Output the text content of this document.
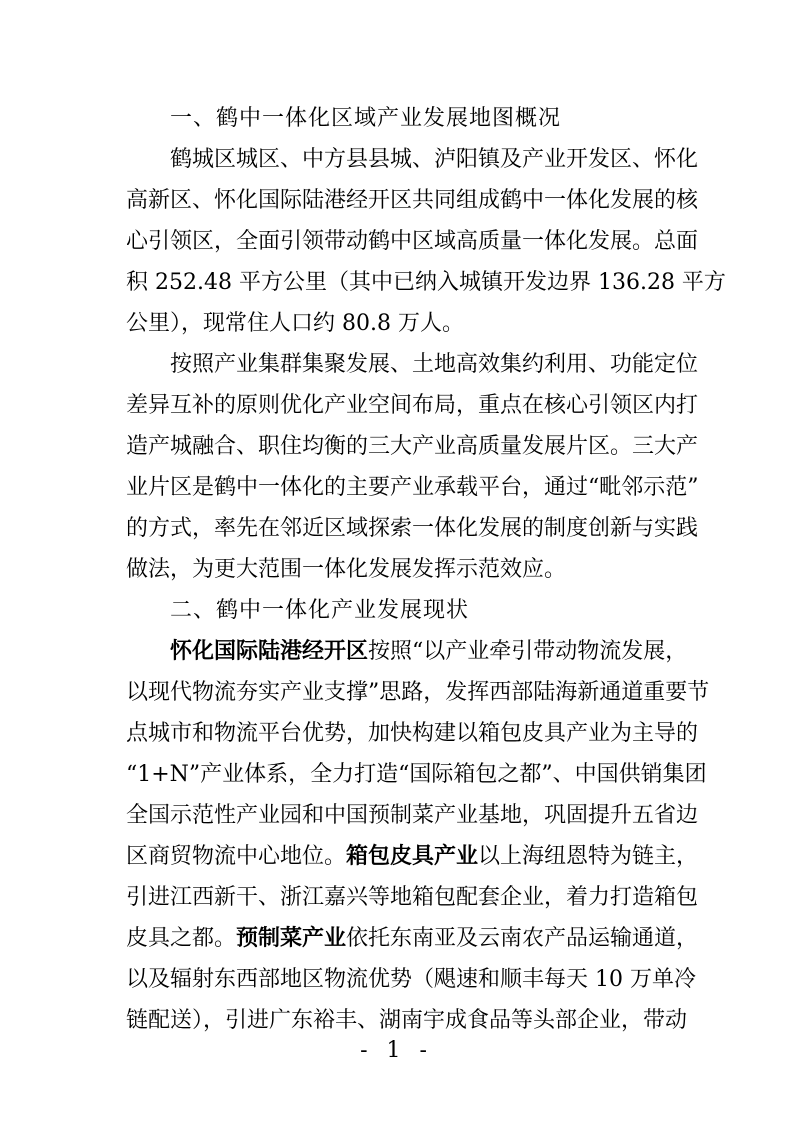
一、鹤中一体化区域产业发展地图概况
鹤城区城区、中方县县城、泸阳镇及产业开发区、怀化
高新区、怀化国际陆港经开区共同组成鹤中一体化发展的核
心引领区，全面引领带动鹤中区域高质量一体化发展。总面
积 252.48 平方公里（其中已纳入城镇开发边界 136.28 平方
公里），现常住人口约 80.8 万人。
按照产业集群集聚发展、土地高效集约利用、功能定位
差异互补的原则优化产业空间布局，重点在核心引领区内打
造产城融合、职住均衡的三大产业高质量发展片区。三大产
业片区是鹤中一体化的主要产业承载平台，通过“毗邻示范”
的方式，率先在邻近区域探索一体化发展的制度创新与实践
做法，为更大范围一体化发展发挥示范效应。
二、鹤中一体化产业发展现状
怀化国际陆港经开区按照“以产业牵引带动物流发展，
以现代物流夯实产业支撑”思路，发挥西部陆海新通道重要节
点城市和物流平台优势，加快构建以箱包皮具产业为主导的
“1+N”产业体系，全力打造“国际箱包之都”、中国供销集团
全国示范性产业园和中国预制菜产业基地，巩固提升五省边
区商贸物流中心地位。箱包皮具产业以上海纽恩特为链主，
引进江西新干、浙江嘉兴等地箱包配套企业，着力打造箱包
皮具之都。预制菜产业依托东南亚及云南农产品运输通道，
以及辐射东西部地区物流优势（飓速和顺丰每天 10 万单冷
链配送），引进广东裕丰、湖南宇成食品等头部企业，带动
- 1 -
